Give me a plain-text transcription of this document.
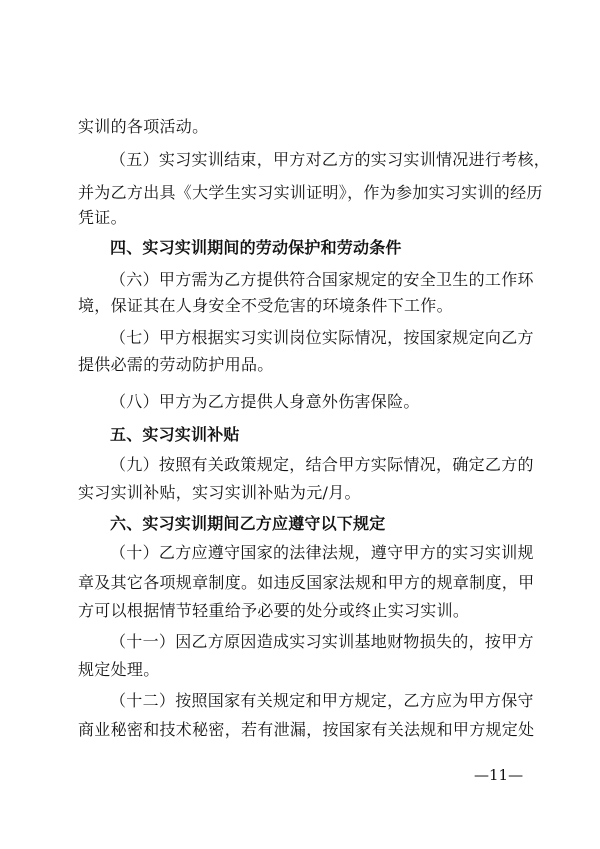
实训的各项活动。
（五）实习实训结束，甲方对乙方的实习实训情况进行考核，
并为乙方出具《大学生实习实训证明》，作为参加实习实训的经历
凭证。
四、实习实训期间的劳动保护和劳动条件
（六）甲方需为乙方提供符合国家规定的安全卫生的工作环
境，保证其在人身安全不受危害的环境条件下工作。
（七）甲方根据实习实训岗位实际情况，按国家规定向乙方
提供必需的劳动防护用品。
（八）甲方为乙方提供人身意外伤害保险。
五、实习实训补贴
（九）按照有关政策规定，结合甲方实际情况，确定乙方的
实习实训补贴，实习实训补贴为元/月。
六、实习实训期间乙方应遵守以下规定
（十）乙方应遵守国家的法律法规，遵守甲方的实习实训规
章及其它各项规章制度。如违反国家法规和甲方的规章制度，甲
方可以根据情节轻重给予必要的处分或终止实习实训。
（十一）因乙方原因造成实习实训基地财物损失的，按甲方
规定处理。
（十二）按照国家有关规定和甲方规定，乙方应为甲方保守
商业秘密和技术秘密，若有泄漏，按国家有关法规和甲方规定处
—11—
